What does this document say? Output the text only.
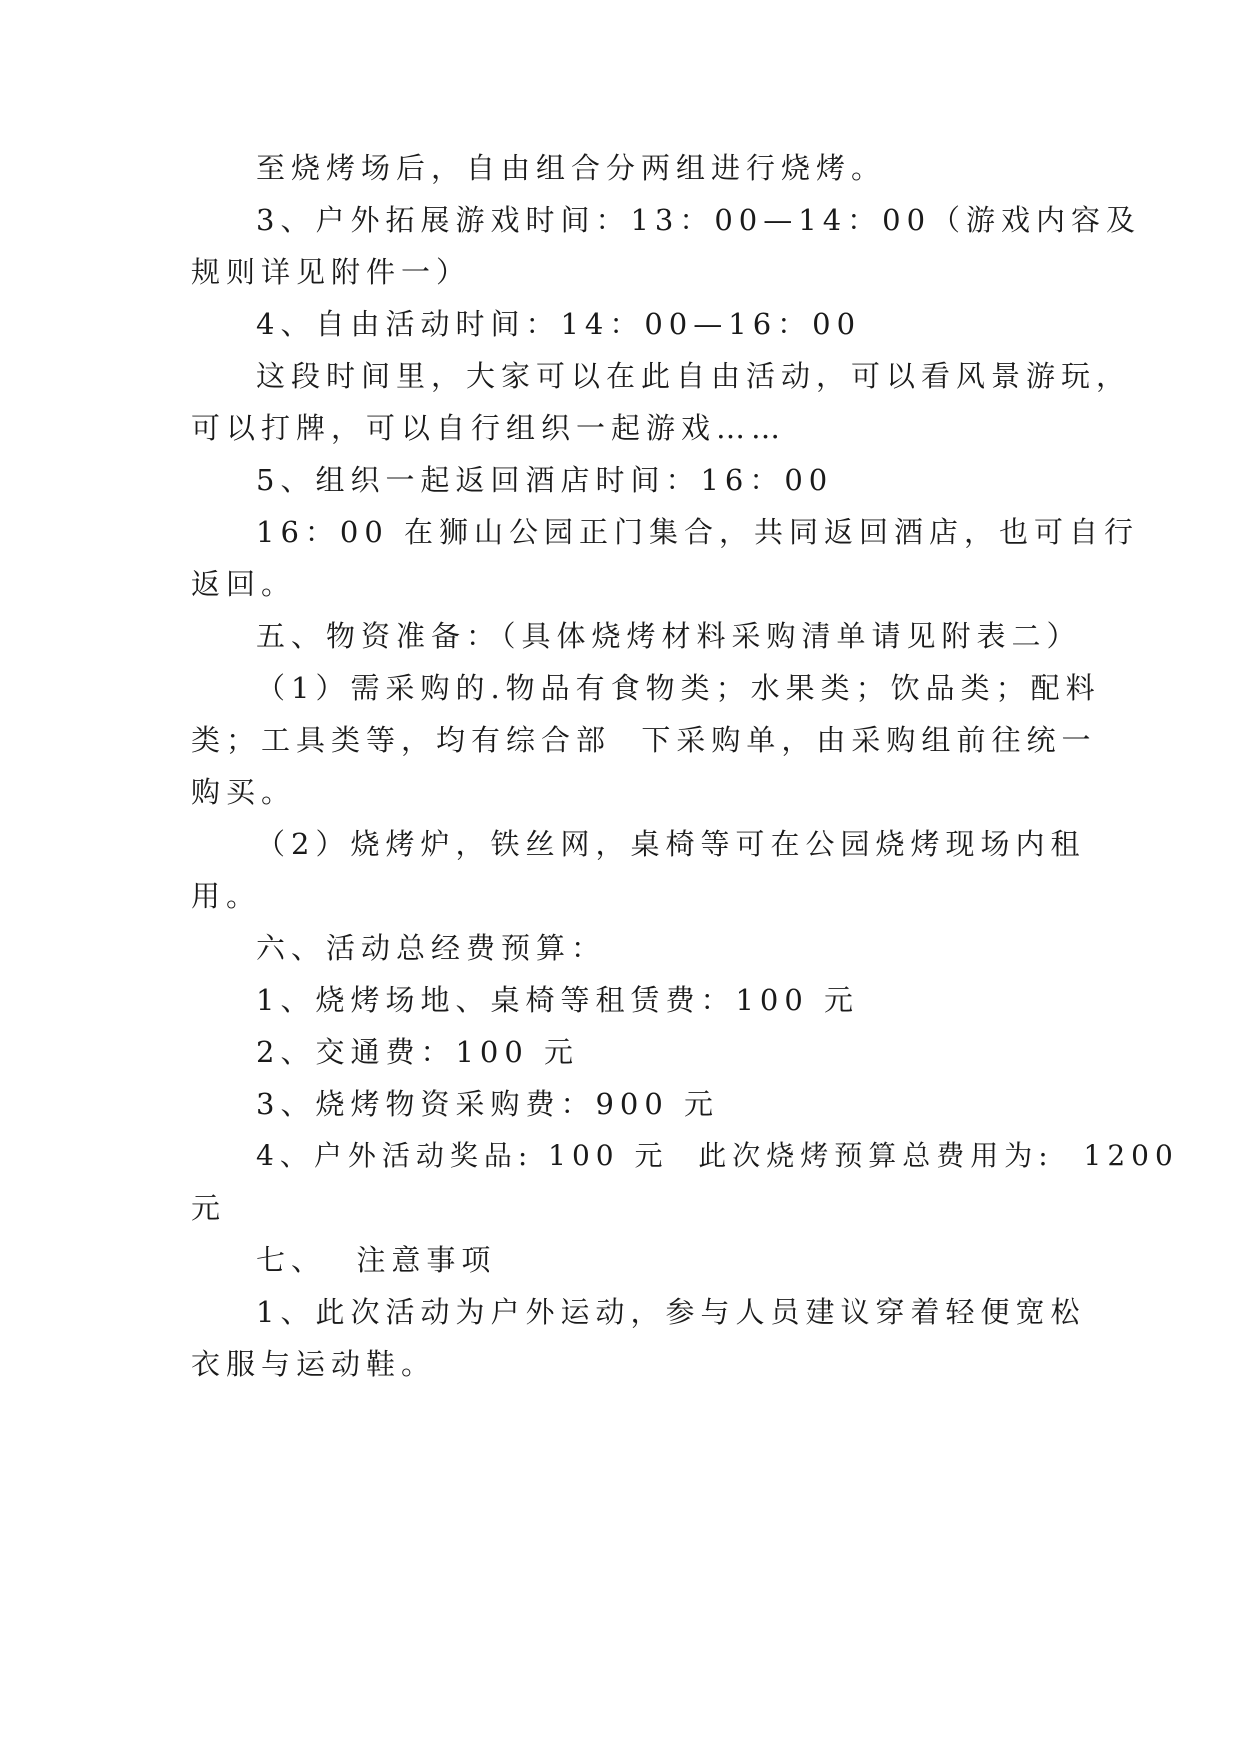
至烧烤场后，自由组合分两组进行烧烤。
3、户外拓展游戏时间：13：00—14：00（游戏内容及
规则详见附件一）
4、自由活动时间：14：00—16：00
这段时间里，大家可以在此自由活动，可以看风景游玩，
可以打牌，可以自行组织一起游戏……
5、组织一起返回酒店时间：16：00
16：00 在狮山公园正门集合，共同返回酒店，也可自行
返回。
五、物资准备：（具体烧烤材料采购清单请见附表二）
（1）需采购的.物品有食物类；水果类；饮品类；配料
类；工具类等，均有综合部  下采购单，由采购组前往统一
购买。
（2）烧烤炉，铁丝网，桌椅等可在公园烧烤现场内租
用。
六、活动总经费预算：
1、烧烤场地、桌椅等租赁费：100 元
2、交通费：100 元
3、烧烤物资采购费：900 元
4、户外活动奖品: 100 元  此次烧烤预算总费用为:  1200
元
七、  注意事项
1、此次活动为户外运动，参与人员建议穿着轻便宽松
衣服与运动鞋。
